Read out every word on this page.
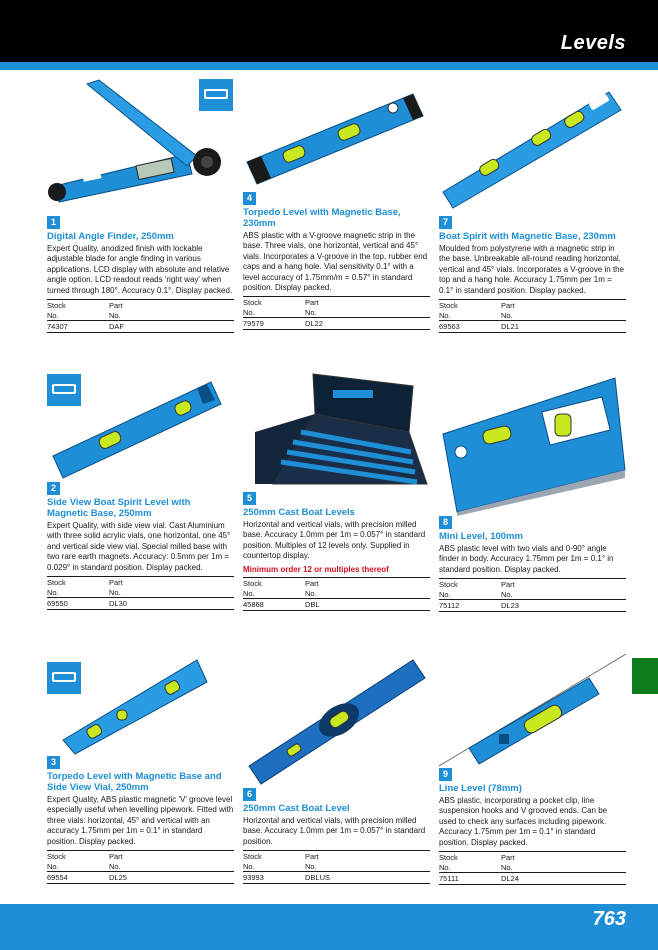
Levels
1
Digital Angle Finder, 250mm
Expert Quality, anodized finish with lockable adjustable blade for angle finding in various applications. LCD display with absolute and relative angle option. LCD readout reads 'right way' when turned through 180°. Accuracy 0.1°. Display packed.
Stock	Part
No.	No.
74307	DAF
4
Torpedo Level with Magnetic Base, 230mm
ABS plastic with a V-groove magnetic strip in the base. Three vials, one horizontal, vertical and 45° vials. Incorporates a V-groove in the top, rubber end caps and a hang hole. Vial sensitivity 0.1° with a level accuracy of 1.75mm/m = 0.57° in standard position. Display packed.
Stock	Part
No.	No.
79579	DL22
7
Boat Spirit with Magnetic Base, 230mm
Moulded from polystyrene with a magnetic strip in the base. Unbreakable all-round reading horizontal, vertical and 45° vials. Incorporates a V-groove in the top and a hang hole. Accuracy 1.75mm per 1m = 0.1° in standard position. Display packed.
Stock	Part
No.	No.
69563	DL21
2
Side View Boat Spirit Level with Magnetic Base, 250mm
Expert Quality, with side view vial. Cast Aluminium with three solid acrylic vials, one horizontal, one 45° and vertical side view vial. Special milled base with two rare earth magnets. Accuracy: 0.5mm per 1m = 0.029° in standard position. Display packed.
Stock	Part
No.	No.
69550	DL30
5
250mm Cast Boat Levels
Horizontal and vertical vials, with precision milled base. Accuracy 1.0mm per 1m = 0.057° in standard position. Multiples of 12 levels only. Supplied in countertop display.
Minimum order 12 or multiples thereof
Stock	Part
No.	No.
45868	DBL
8
Mini Level, 100mm
ABS plastic level with two vials and 0-90° angle finder in body. Accuracy 1.75mm per 1m = 0.1° in standard position. Display packed.
Stock	Part
No.	No.
75112	DL23
3
Torpedo Level with Magnetic Base and Side View Vial, 250mm
Expert Quality, ABS plastic magnetic 'V' groove level especially useful when levelling pipework. Fitted with three vials: horizontal, 45° and vertical with an accuracy 1.75mm per 1m = 0.1° in standard position. Display packed.
Stock	Part
No.	No.
69554	DL25
6
250mm Cast Boat Level
Horizontal and vertical vials, with precision milled base. Accuracy 1.0mm per 1m = 0.057° in standard position.
Stock	Part
No.	No.
93993	DBLUS
9
Line Level (78mm)
ABS plastic, incorporating a pocket clip, line suspension hooks and V grooved ends. Can be used to check any surfaces including pipework. Accuracy 1.75mm per 1m = 0.1° in standard position. Display packed.
Stock	Part
No.	No.
75111	DL24
763
